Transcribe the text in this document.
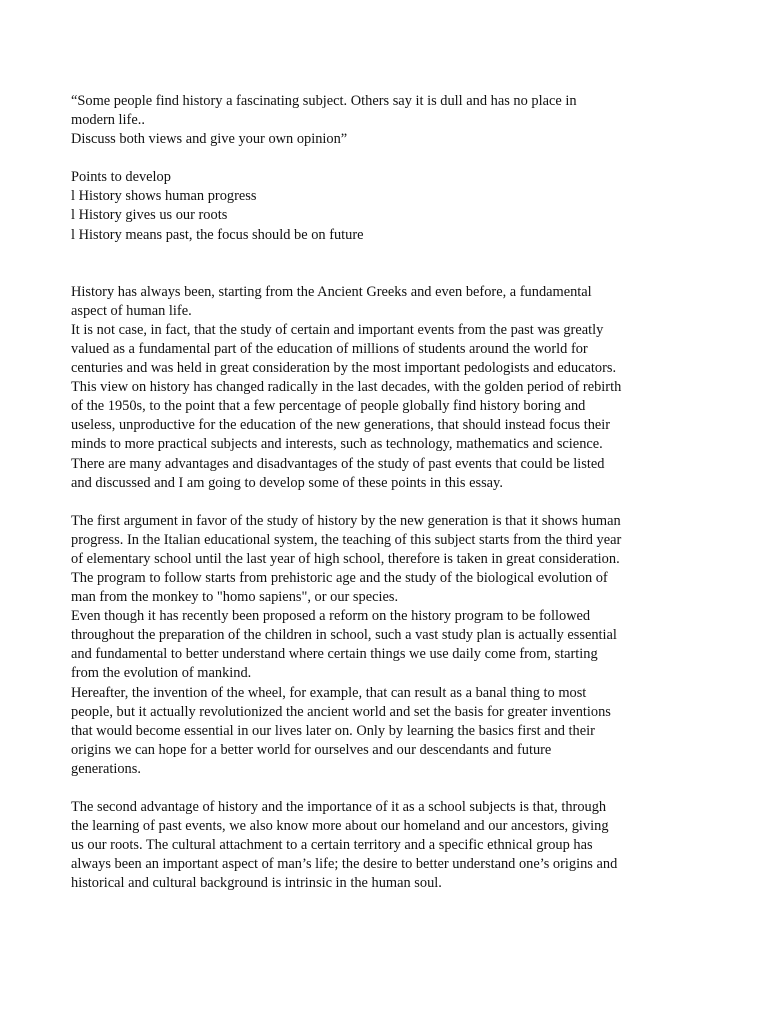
“Some people find history a fascinating subject. Others say it is dull and has no place in
modern life..
Discuss both views and give your own opinion”
Points to develop
l History shows human progress
l History gives us our roots
l History means past, the focus should be on future
History has always been, starting from the Ancient Greeks and even before, a fundamental
aspect of human life.
It is not case, in fact, that the study of certain and important events from the past was greatly
valued as a fundamental part of the education of millions of students around the world for
centuries and was held in great consideration by the most important pedologists and educators.
This view on history has changed radically in the last decades, with the golden period of rebirth
of the 1950s, to the point that a few percentage of people globally find history boring and
useless, unproductive for the education of the new generations, that should instead focus their
minds to more practical subjects and interests, such as technology, mathematics and science.
There are many advantages and disadvantages of the study of past events that could be listed
and discussed and I am going to develop some of these points in this essay.
The first argument in favor of the study of history by the new generation is that it shows human
progress. In the Italian educational system, the teaching of this subject starts from the third year
of elementary school until the last year of high school, therefore is taken in great consideration.
The program to follow starts from prehistoric age and the study of the biological evolution of
man from the monkey to "homo sapiens", or our species.
Even though it has recently been proposed a reform on the history program to be followed
throughout the preparation of the children in school, such a vast study plan is actually essential
and fundamental to better understand where certain things we use daily come from, starting
from the evolution of mankind.
Hereafter, the invention of the wheel, for example, that can result as a banal thing to most
people, but it actually revolutionized the ancient world and set the basis for greater inventions
that would become essential in our lives later on. Only by learning the basics first and their
origins we can hope for a better world for ourselves and our descendants and future
generations.
The second advantage of history and the importance of it as a school subjects is that, through
the learning of past events, we also know more about our homeland and our ancestors, giving
us our roots. The cultural attachment to a certain territory and a specific ethnical group has
always been an important aspect of man’s life; the desire to better understand one’s origins and
historical and cultural background is intrinsic in the human soul.
